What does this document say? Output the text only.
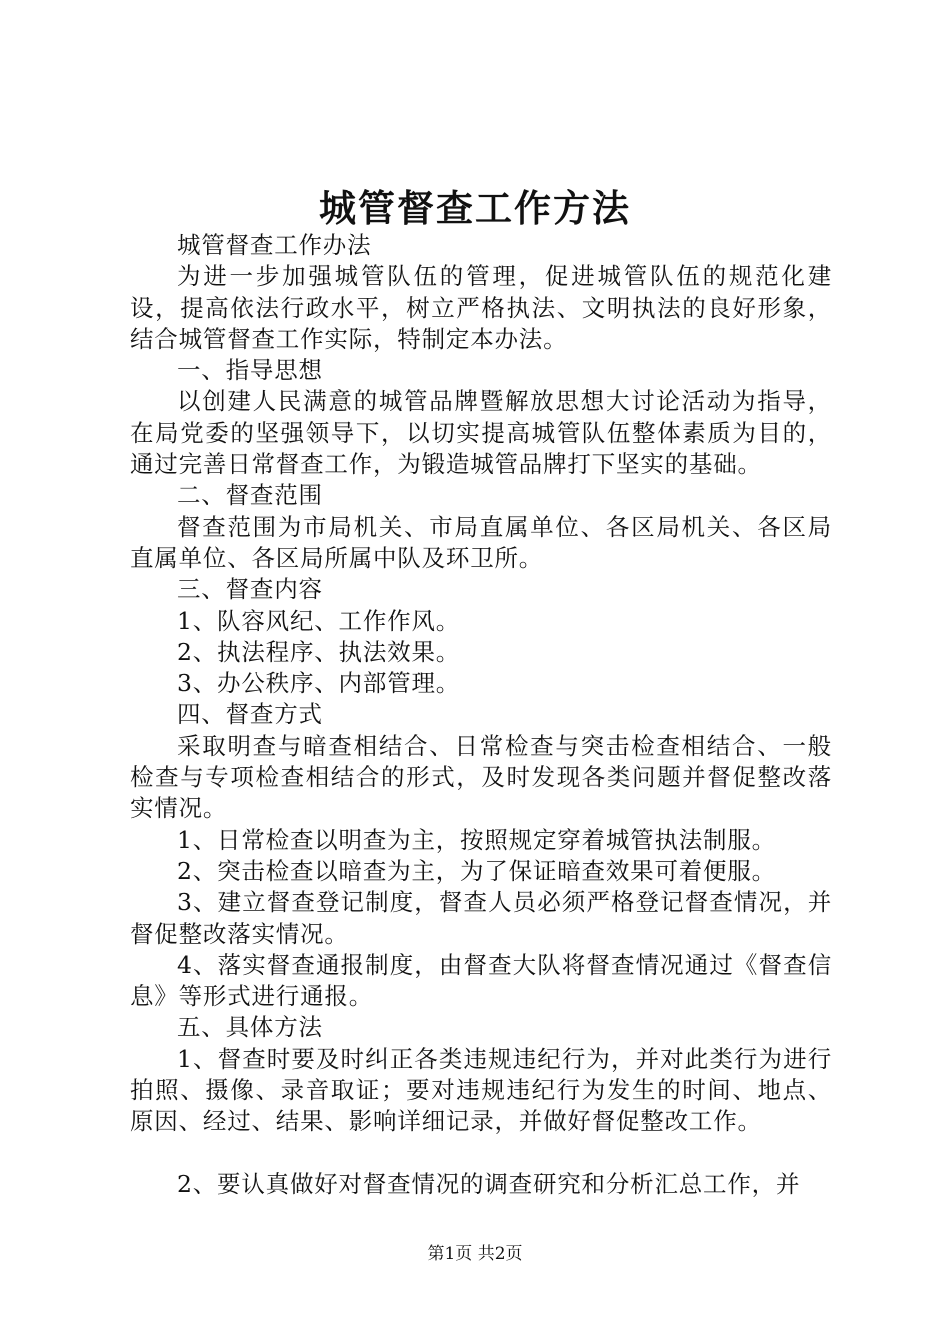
城管督查工作方法

城管督查工作办法

为进一步加强城管队伍的管理，促进城管队伍的规范化建设，提高依法行政水平，树立严格执法、文明执法的良好形象，结合城管督查工作实际，特制定本办法。

一、指导思想

以创建人民满意的城管品牌暨解放思想大讨论活动为指导，在局党委的坚强领导下，以切实提高城管队伍整体素质为目的，通过完善日常督查工作，为锻造城管品牌打下坚实的基础。

二、督查范围

督查范围为市局机关、市局直属单位、各区局机关、各区局直属单位、各区局所属中队及环卫所。

三、督查内容

1、队容风纪、工作作风。

2、执法程序、执法效果。

3、办公秩序、内部管理。

四、督查方式

采取明查与暗查相结合、日常检查与突击检查相结合、一般检查与专项检查相结合的形式，及时发现各类问题并督促整改落实情况。

1、日常检查以明查为主，按照规定穿着城管执法制服。

2、突击检查以暗查为主，为了保证暗查效果可着便服。

3、建立督查登记制度，督查人员必须严格登记督查情况，并督促整改落实情况。

4、落实督查通报制度，由督查大队将督查情况通过《督查信息》等形式进行通报。

五、具体方法

1、督查时要及时纠正各类违规违纪行为，并对此类行为进行拍照、摄像、录音取证；要对违规违纪行为发生的时间、地点、原因、经过、结果、影响详细记录，并做好督促整改工作。

2、要认真做好对督查情况的调查研究和分析汇总工作，并

第1页 共2页
